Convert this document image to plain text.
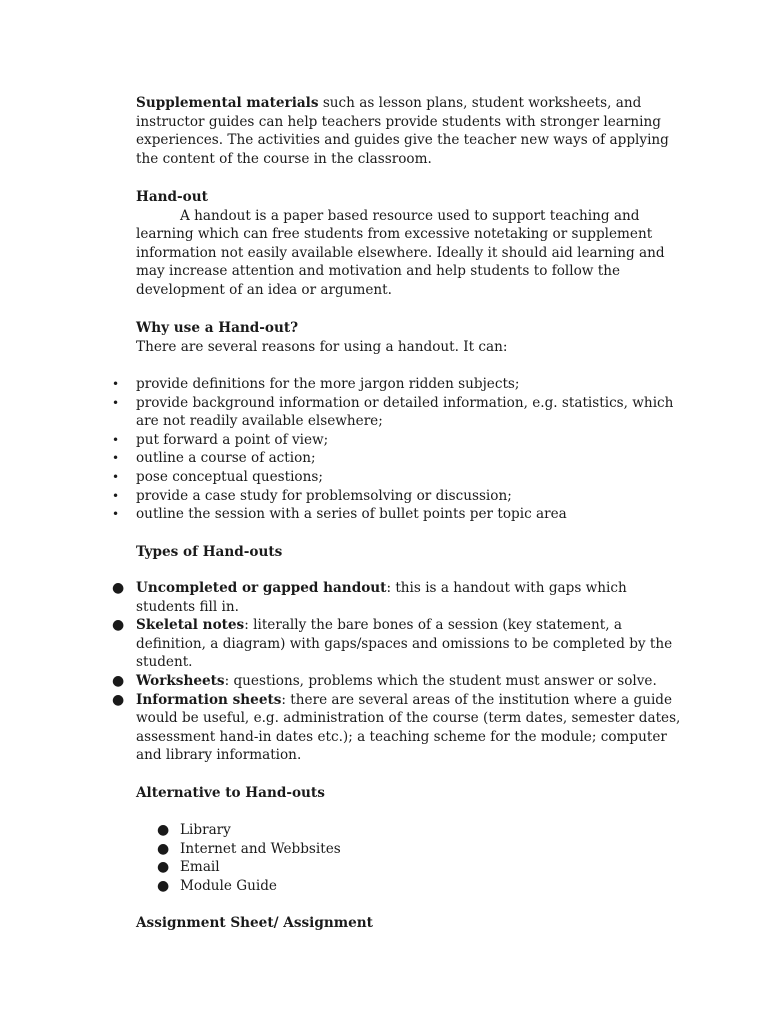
Supplemental materials such as lesson plans, student worksheets, and instructor guides can help teachers provide students with stronger learning experiences. The activities and guides give the teacher new ways of applying the content of the course in the classroom.

Hand-out

A handout is a paper based resource used to support teaching and learning which can free students from excessive notetaking or supplement information not easily available elsewhere. Ideally it should aid learning and may increase attention and motivation and help students to follow the development of an idea or argument.

Why use a Hand-out?

There are several reasons for using a handout. It can:

•	provide definitions for the more jargon ridden subjects;
•	provide background information or detailed information, e.g. statistics, which are not readily available elsewhere;
•	put forward a point of view;
•	outline a course of action;
•	pose conceptual questions;
•	provide a case study for problemsolving or discussion;
•	outline the session with a series of bullet points per topic area

Types of Hand-outs

● Uncompleted or gapped handout: this is a handout with gaps which students fill in.
● Skeletal notes: literally the bare bones of a session (key statement, a definition, a diagram) with gaps/spaces and omissions to be completed by the student.
● Worksheets: questions, problems which the student must answer or solve.
● Information sheets: there are several areas of the institution where a guide would be useful, e.g. administration of the course (term dates, semester dates, assessment hand-in dates etc.); a teaching scheme for the module; computer and library information.

Alternative to Hand-outs

● Library
● Internet and Webbsites
● Email
● Module Guide

Assignment Sheet/ Assignment
